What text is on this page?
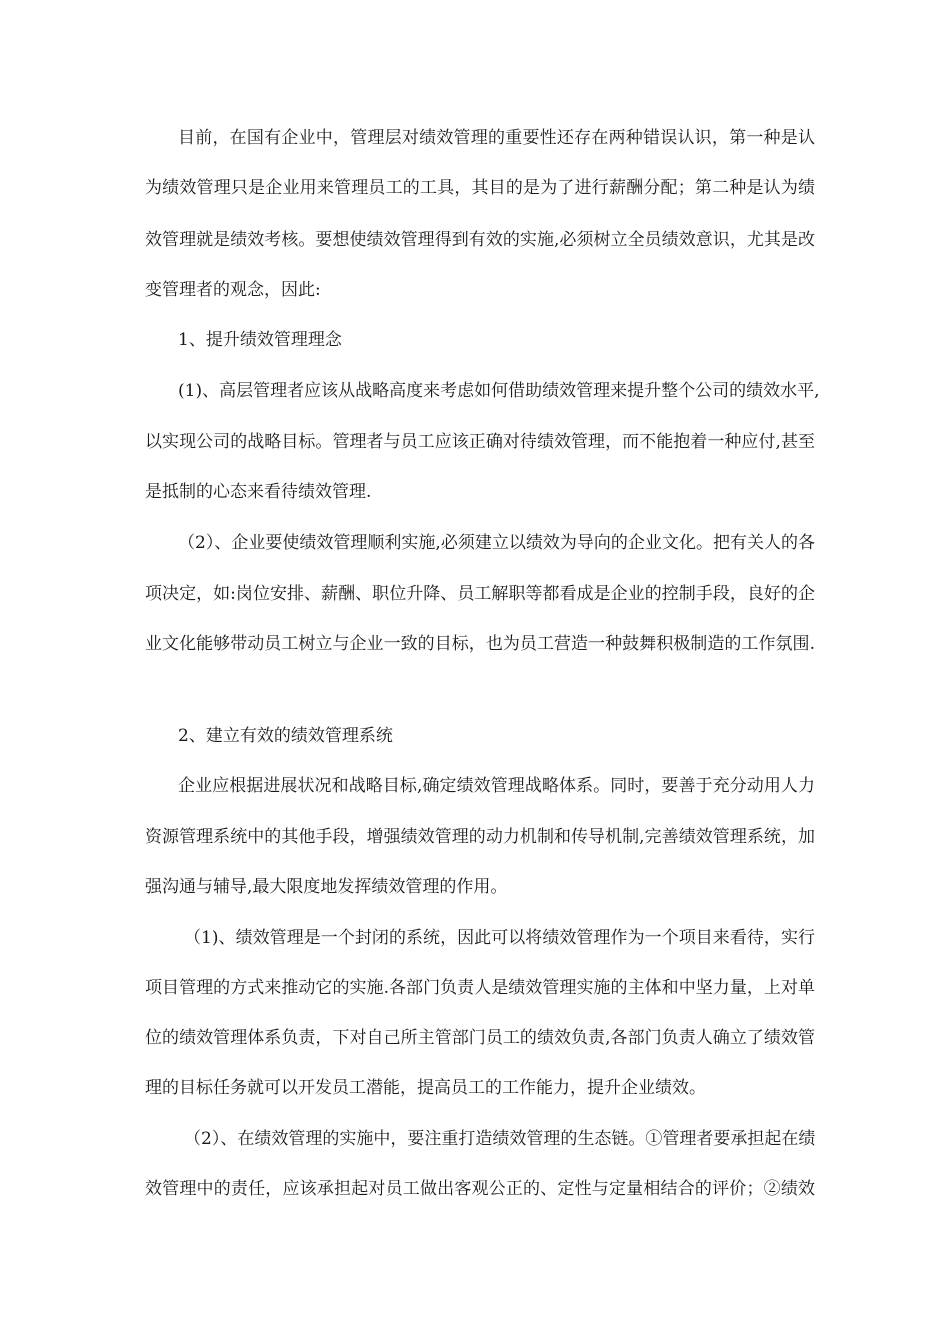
目前，在国有企业中，管理层对绩效管理的重要性还存在两种错误认识，第一种是认
为绩效管理只是企业用来管理员工的工具，其目的是为了进行薪酬分配；第二种是认为绩
效管理就是绩效考核。要想使绩效管理得到有效的实施,必须树立全员绩效意识，尤其是改
变管理者的观念，因此:
1、提升绩效管理理念
(1)、高层管理者应该从战略高度来考虑如何借助绩效管理来提升整个公司的绩效水平,
以实现公司的战略目标。管理者与员工应该正确对待绩效管理，而不能抱着一种应付,甚至
是抵制的心态来看待绩效管理.
（2）、企业要使绩效管理顺利实施,必须建立以绩效为导向的企业文化。把有关人的各
项决定，如:岗位安排、薪酬、职位升降、员工解职等都看成是企业的控制手段，良好的企
业文化能够带动员工树立与企业一致的目标，也为员工营造一种鼓舞积极制造的工作氛围.
2、建立有效的绩效管理系统
企业应根据进展状况和战略目标,确定绩效管理战略体系。同时，要善于充分动用人力
资源管理系统中的其他手段，增强绩效管理的动力机制和传导机制,完善绩效管理系统，加
强沟通与辅导,最大限度地发挥绩效管理的作用。
（1)、绩效管理是一个封闭的系统，因此可以将绩效管理作为一个项目来看待，实行
项目管理的方式来推动它的实施.各部门负责人是绩效管理实施的主体和中坚力量，上对单
位的绩效管理体系负责，下对自己所主管部门员工的绩效负责,各部门负责人确立了绩效管
理的目标任务就可以开发员工潜能，提高员工的工作能力，提升企业绩效。
（2）、在绩效管理的实施中，要注重打造绩效管理的生态链。①管理者要承担起在绩
效管理中的责任，应该承担起对员工做出客观公正的、定性与定量相结合的评价；②绩效
